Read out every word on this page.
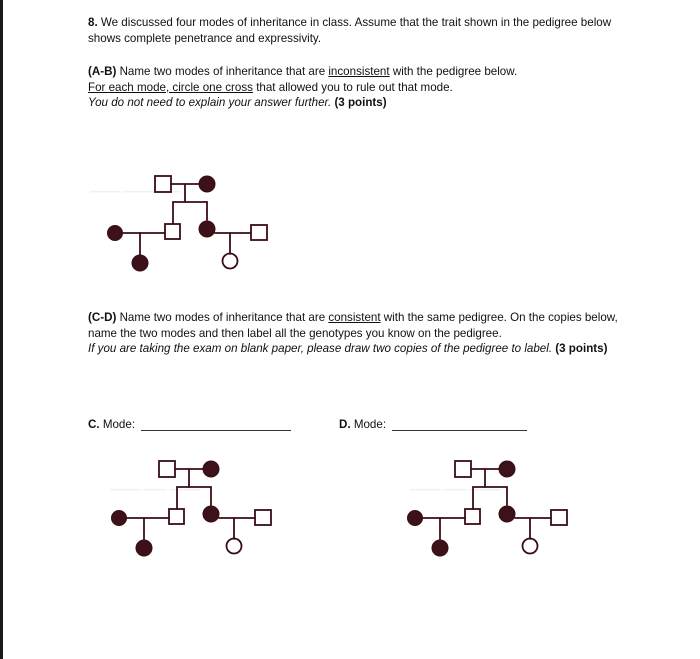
8. We discussed four modes of inheritance in class. Assume that the trait shown in the pedigree below shows complete penetrance and expressivity.
(A-B) Name two modes of inheritance that are inconsistent with the pedigree below.
For each mode, circle one cross that allowed you to rule out that mode.
You do not need to explain your answer further. (3 points)
(C-D) Name two modes of inheritance that are consistent with the same pedigree. On the copies below, name the two modes and then label all the genotypes you know on the pedigree.
If you are taking the exam on blank paper, please draw two copies of the pedigree to label. (3 points)
▁▁▁▁ ▁▁▁▁ ▁▁▁
▁▁▁▁ ▁▁▁ ▁▁▁▁	▁▁▁▁ ▁▁▁ ▁▁▁▁
C. Mode:	D. Mode:
